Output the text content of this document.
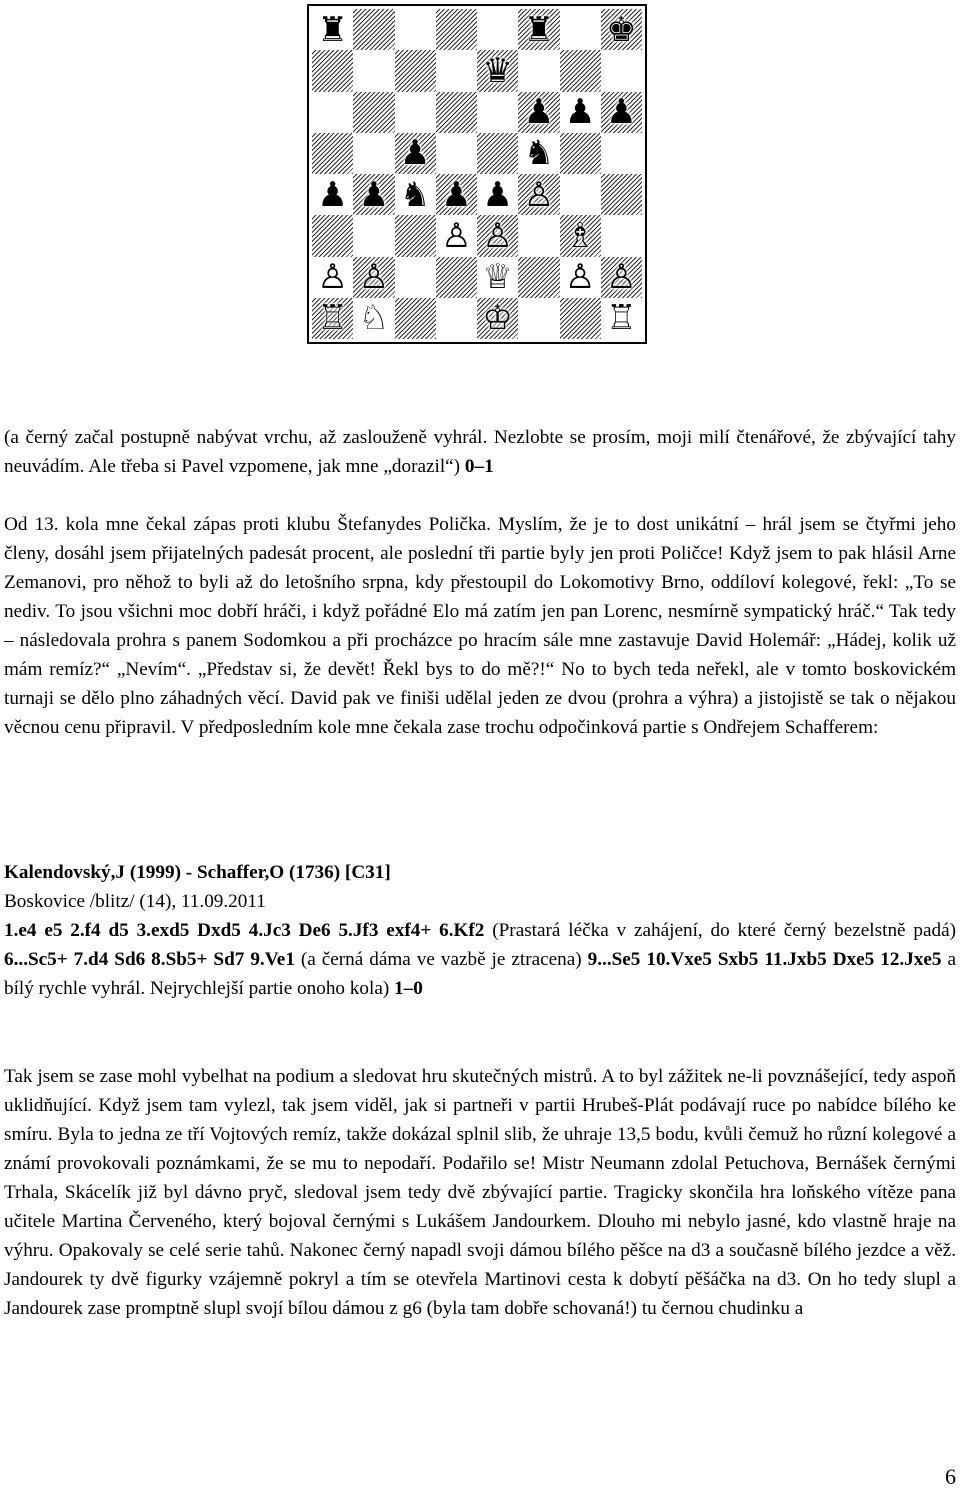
♜	♜ ♚
♛
♟ ♟ ♟
♟	♞
♟ ♟ ♞ ♟ ♟ ♙
♙ ♙ ♗
♙ ♙	♕ ♙ ♙
♖ ♘	♔	♖

(a černý začal postupně nabývat vrchu, až zaslouženě vyhrál. Nezlobte se prosím, moji milí čtenářové, že zbývající tahy neuvádím. Ale třeba si Pavel vzpomene, jak mne „dorazil“) 0–1

Od 13. kola mne čekal zápas proti klubu Štefanydes Polička. Myslím, že je to dost unikátní – hrál jsem se čtyřmi jeho členy, dosáhl jsem přijatelných padesát procent, ale poslední tři partie byly jen proti Poličce! Když jsem to pak hlásil Arne Zemanovi, pro něhož to byli až do letošního srpna, kdy přestoupil do Lokomotivy Brno, oddíloví kolegové, řekl: „To se nediv. To jsou všichni moc dobří hráči, i když pořádné Elo má zatím jen pan Lorenc, nesmírně sympatický hráč.“ Tak tedy – následovala prohra s panem Sodomkou a při procházce po hracím sále mne zastavuje David Holemář: „Hádej, kolik už mám remíz?“ „Nevím“. „Představ si, že devět! Řekl bys to do mě?!“ No to bych teda neřekl, ale v tomto boskovickém turnaji se dělo plno záhadných věcí. David pak ve finiši udělal jeden ze dvou (prohra a výhra) a jistojistě se tak o nějakou věcnou cenu připravil. V předposledním kole mne čekala zase trochu odpočinková partie s Ondřejem Schafferem:

Kalendovský,J (1999) - Schaffer,O (1736) [C31]

Boskovice /blitz/ (14), 11.09.2011

1.e4 e5 2.f4 d5 3.exd5 Dxd5 4.Jc3 De6 5.Jf3 exf4+ 6.Kf2 (Prastará léčka v zahájení, do které černý bezelstně padá) 6...Sc5+ 7.d4 Sd6 8.Sb5+ Sd7 9.Ve1 (a černá dáma ve vazbě je ztracena) 9...Se5 10.Vxe5 Sxb5 11.Jxb5 Dxe5 12.Jxe5 a bílý rychle vyhrál. Nejrychlejší partie onoho kola) 1–0

Tak jsem se zase mohl vybelhat na podium a sledovat hru skutečných mistrů. A to byl zážitek ne-li povznášející, tedy aspoň uklidňující. Když jsem tam vylezl, tak jsem viděl, jak si partneři v partii Hrubeš-Plát podávají ruce po nabídce bílého ke smíru. Byla to jedna ze tří Vojtových remíz, takže dokázal splnil slib, že uhraje 13,5 bodu, kvůli čemuž ho různí kolegové a známí provokovali poznámkami, že se mu to nepodaří. Podařilo se! Mistr Neumann zdolal Petuchova, Bernášek černými Trhala, Skácelík již byl dávno pryč, sledoval jsem tedy dvě zbývající partie. Tragicky skončila hra loňského vítěze pana učitele Martina Červeného, který bojoval černými s Lukášem Jandourkem. Dlouho mi nebylo jasné, kdo vlastně hraje na výhru. Opakovaly se celé serie tahů. Nakonec černý napadl svoji dámou bílého pěšce na d3 a současně bílého jezdce a věž. Jandourek ty dvě figurky vzájemně pokryl a tím se otevřela Martinovi cesta k dobytí pěšáčka na d3. On ho tedy slupl a Jandourek zase promptně slupl svojí bílou dámou z g6 (byla tam dobře schovaná!) tu černou chudinku a

6
